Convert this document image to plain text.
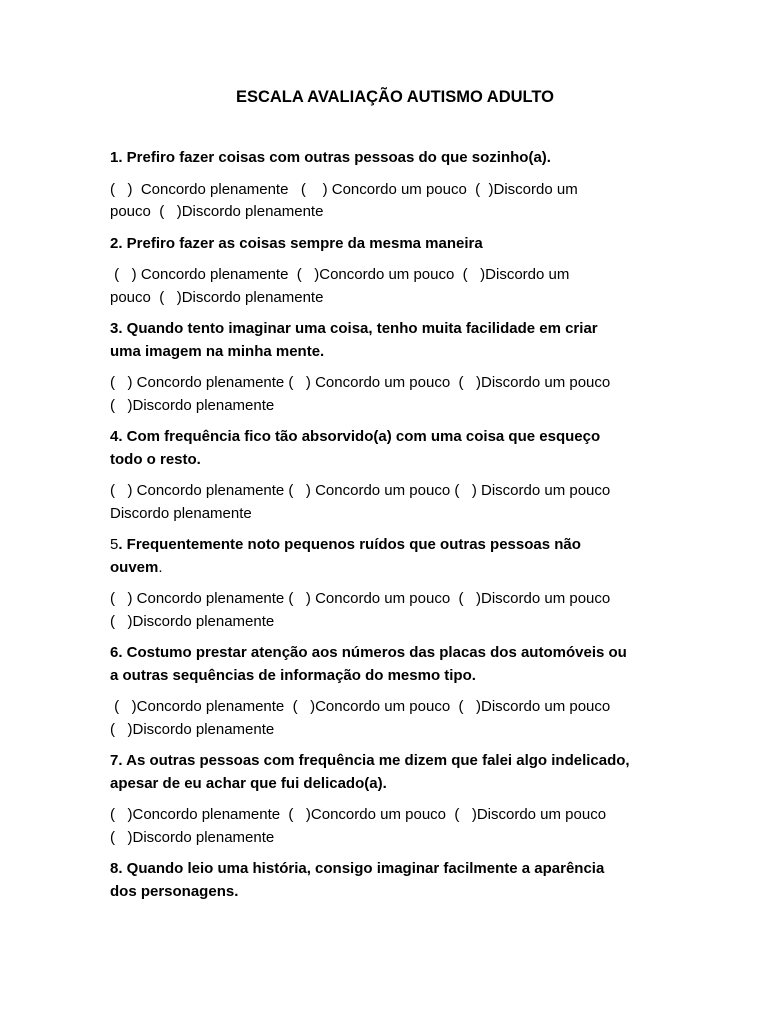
ESCALA AVALIAÇÃO AUTISMO ADULTO

1. Prefiro fazer coisas com outras pessoas do que sozinho(a).

(   )  Concordo plenamente   (    ) Concordo um pouco  (  )Discordo um
pouco  (   )Discordo plenamente

2. Prefiro fazer as coisas sempre da mesma maneira

(   ) Concordo plenamente  (   )Concordo um pouco  (   )Discordo um
pouco  (   )Discordo plenamente

3. Quando tento imaginar uma coisa, tenho muita facilidade em criar
uma imagem na minha mente.

(   ) Concordo plenamente (   ) Concordo um pouco  (   )Discordo um pouco
(   )Discordo plenamente

4. Com frequência fico tão absorvido(a) com uma coisa que esqueço
todo o resto.

(   ) Concordo plenamente (   ) Concordo um pouco (   ) Discordo um pouco
Discordo plenamente

5. Frequentemente noto pequenos ruídos que outras pessoas não
ouvem.

(   ) Concordo plenamente (   ) Concordo um pouco  (   )Discordo um pouco
(   )Discordo plenamente

6. Costumo prestar atenção aos números das placas dos automóveis ou
a outras sequências de informação do mesmo tipo.

(   )Concordo plenamente  (   )Concordo um pouco  (   )Discordo um pouco
(   )Discordo plenamente

7. As outras pessoas com frequência me dizem que falei algo indelicado,
apesar de eu achar que fui delicado(a).

(   )Concordo plenamente  (   )Concordo um pouco  (   )Discordo um pouco
(   )Discordo plenamente

8. Quando leio uma história, consigo imaginar facilmente a aparência
dos personagens.
